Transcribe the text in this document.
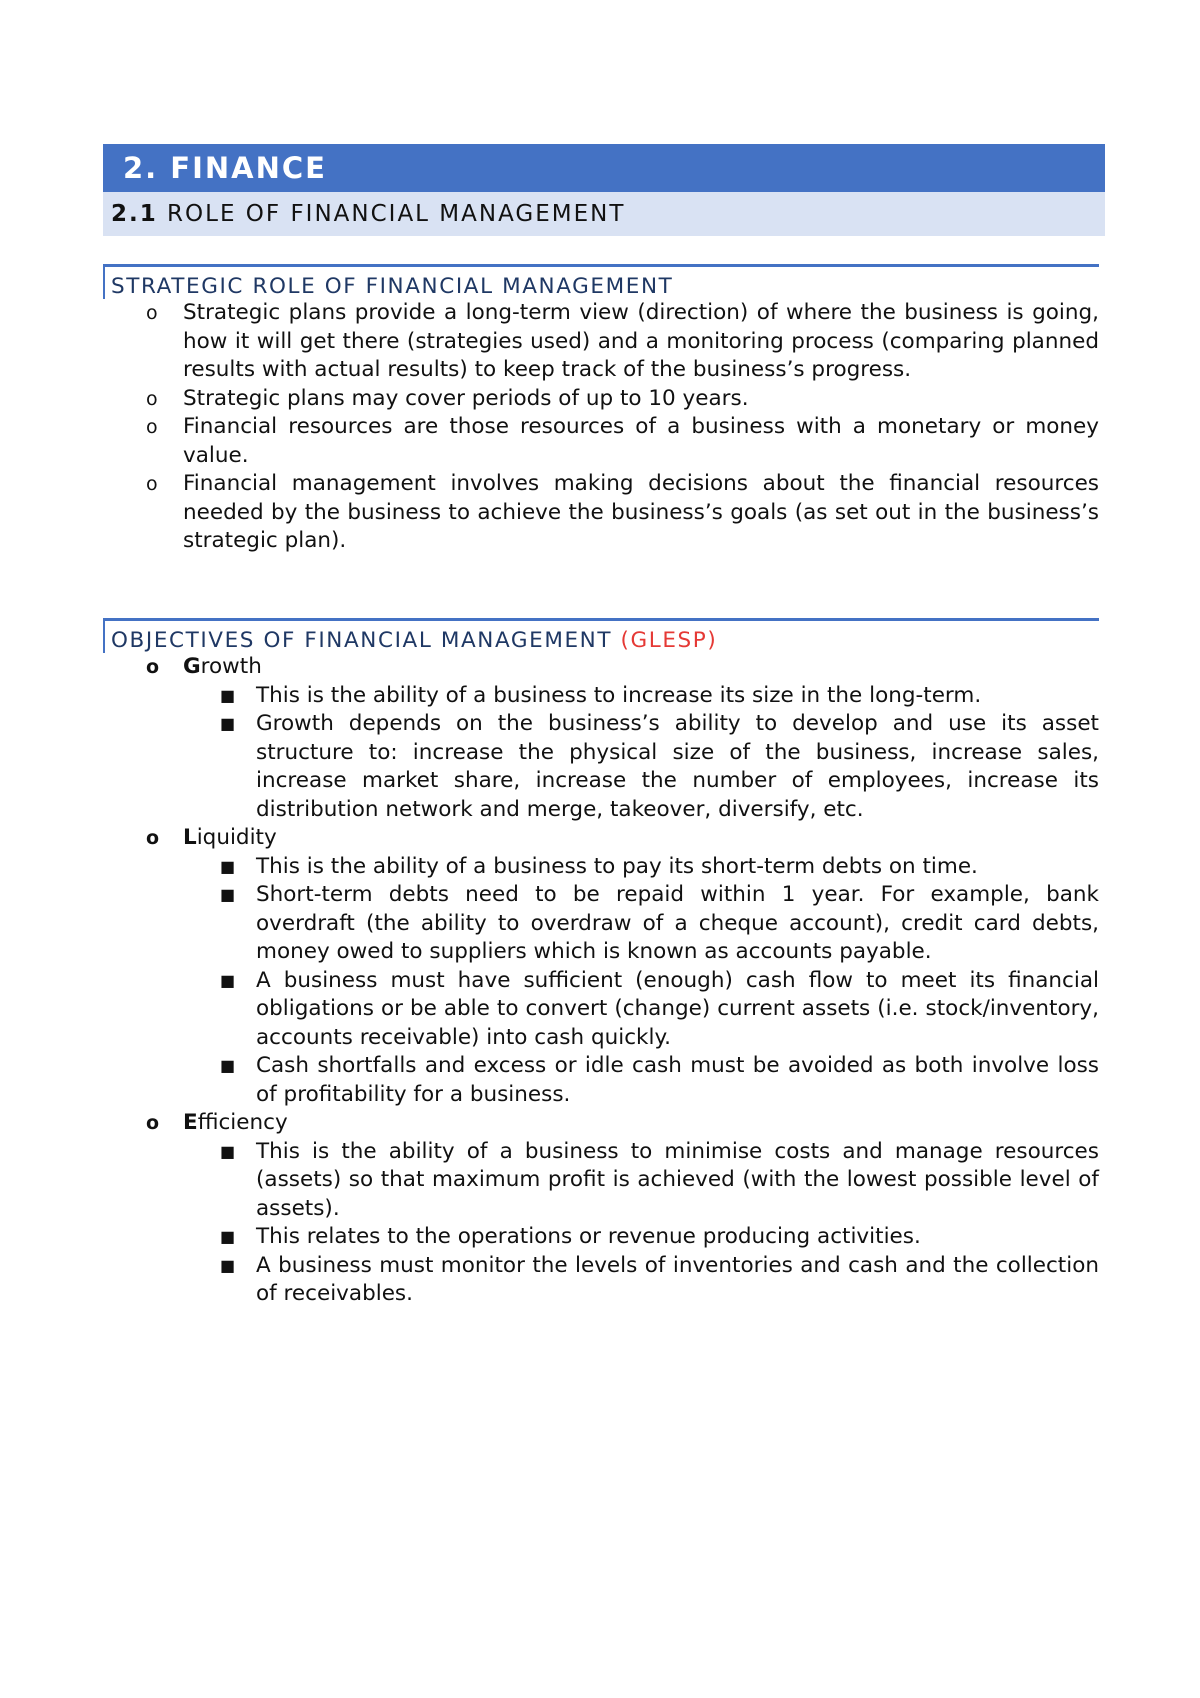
2. FINANCE
2.1 ROLE OF FINANCIAL MANAGEMENT
STRATEGIC ROLE OF FINANCIAL MANAGEMENT
o Strategic plans provide a long-term view (direction) of where the business is going, how it will get there (strategies used) and a monitoring process (comparing planned results with actual results) to keep track of the business’s progress.
o Strategic plans may cover periods of up to 10 years.
o Financial resources are those resources of a business with a monetary or money value.
o Financial management involves making decisions about the financial resources needed by the business to achieve the business’s goals (as set out in the business’s strategic plan).
OBJECTIVES OF FINANCIAL MANAGEMENT (GLESP)
o Growth
■ This is the ability of a business to increase its size in the long-term.
■ Growth depends on the business’s ability to develop and use its asset structure to: increase the physical size of the business, increase sales, increase market share, increase the number of employees, increase its distribution network and merge, takeover, diversify, etc.
o Liquidity
■ This is the ability of a business to pay its short-term debts on time.
■ Short-term debts need to be repaid within 1 year. For example, bank overdraft (the ability to overdraw of a cheque account), credit card debts, money owed to suppliers which is known as accounts payable.
■ A business must have sufficient (enough) cash flow to meet its financial obligations or be able to convert (change) current assets (i.e. stock/inventory, accounts receivable) into cash quickly.
■ Cash shortfalls and excess or idle cash must be avoided as both involve loss of profitability for a business.
o Efficiency
■ This is the ability of a business to minimise costs and manage resources (assets) so that maximum profit is achieved (with the lowest possible level of assets).
■ This relates to the operations or revenue producing activities.
■ A business must monitor the levels of inventories and cash and the collection of receivables.
